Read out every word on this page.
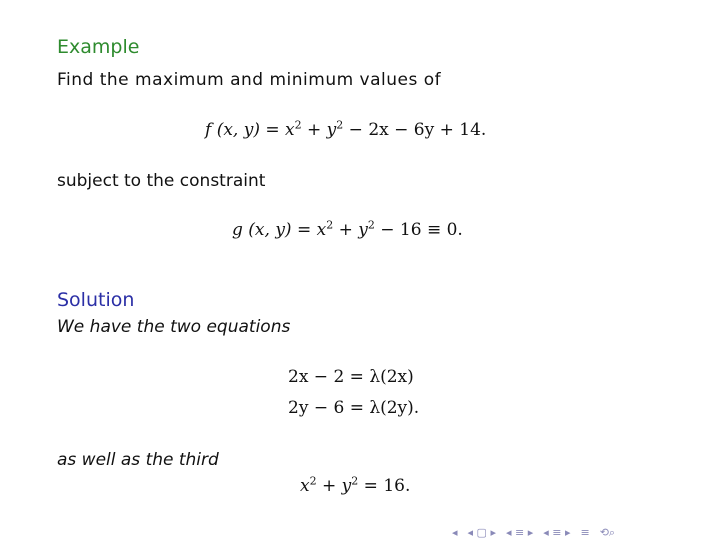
Example
Find the maximum and minimum values of
f (x, $y) = x^2 + y^2 - 2x - 6y + 14$.
subject to the constraint
g (x, $y) = x^2 + y^2 - 16 \equiv 0$.
Solution
We have the two equations
2x − 2 = λ(2x)
2y − 6 = λ(2y).
as well as the third
$x^2 + y^2 = 16$.
◂ ◂ ▢ ▸ ◂ ≡ ▸ ◂ ≡ ▸ ≡ ⟲⌕
